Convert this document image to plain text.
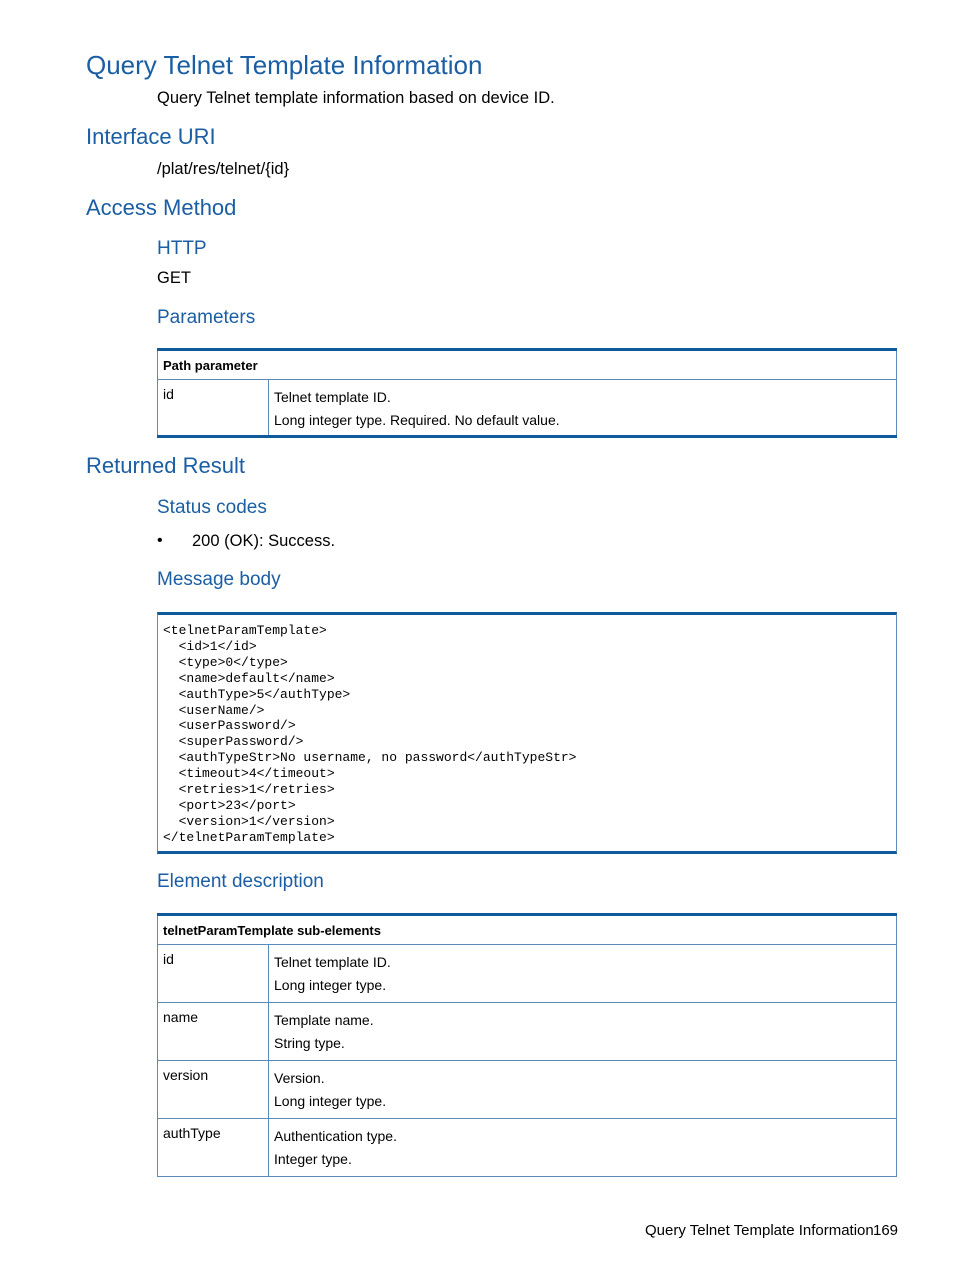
Query Telnet Template Information
Query Telnet template information based on device ID.
Interface URI
/plat/res/telnet/{id}
Access Method
HTTP
GET
Parameters
Path parameter
id	Telnet template ID.
Long integer type. Required. No default value.
Returned Result
Status codes
• 200 (OK): Success.
Message body
<telnetParamTemplate>
<id>1</id>
<type>0</type>
<name>default</name>
<authType>5</authType>
<userName/>
<userPassword/>
<superPassword/>
<authTypeStr>No username, no password</authTypeStr>
<timeout>4</timeout>
<retries>1</retries>
<port>23</port>
<version>1</version>
</telnetParamTemplate>
Element description
telnetParamTemplate sub-elements	
id	Telnet template ID.
Long integer type.

name	Template name.
String type.

version	Version.
Long integer type.

authType	Authentication type.
Integer type.
Query Telnet Template Information 169
